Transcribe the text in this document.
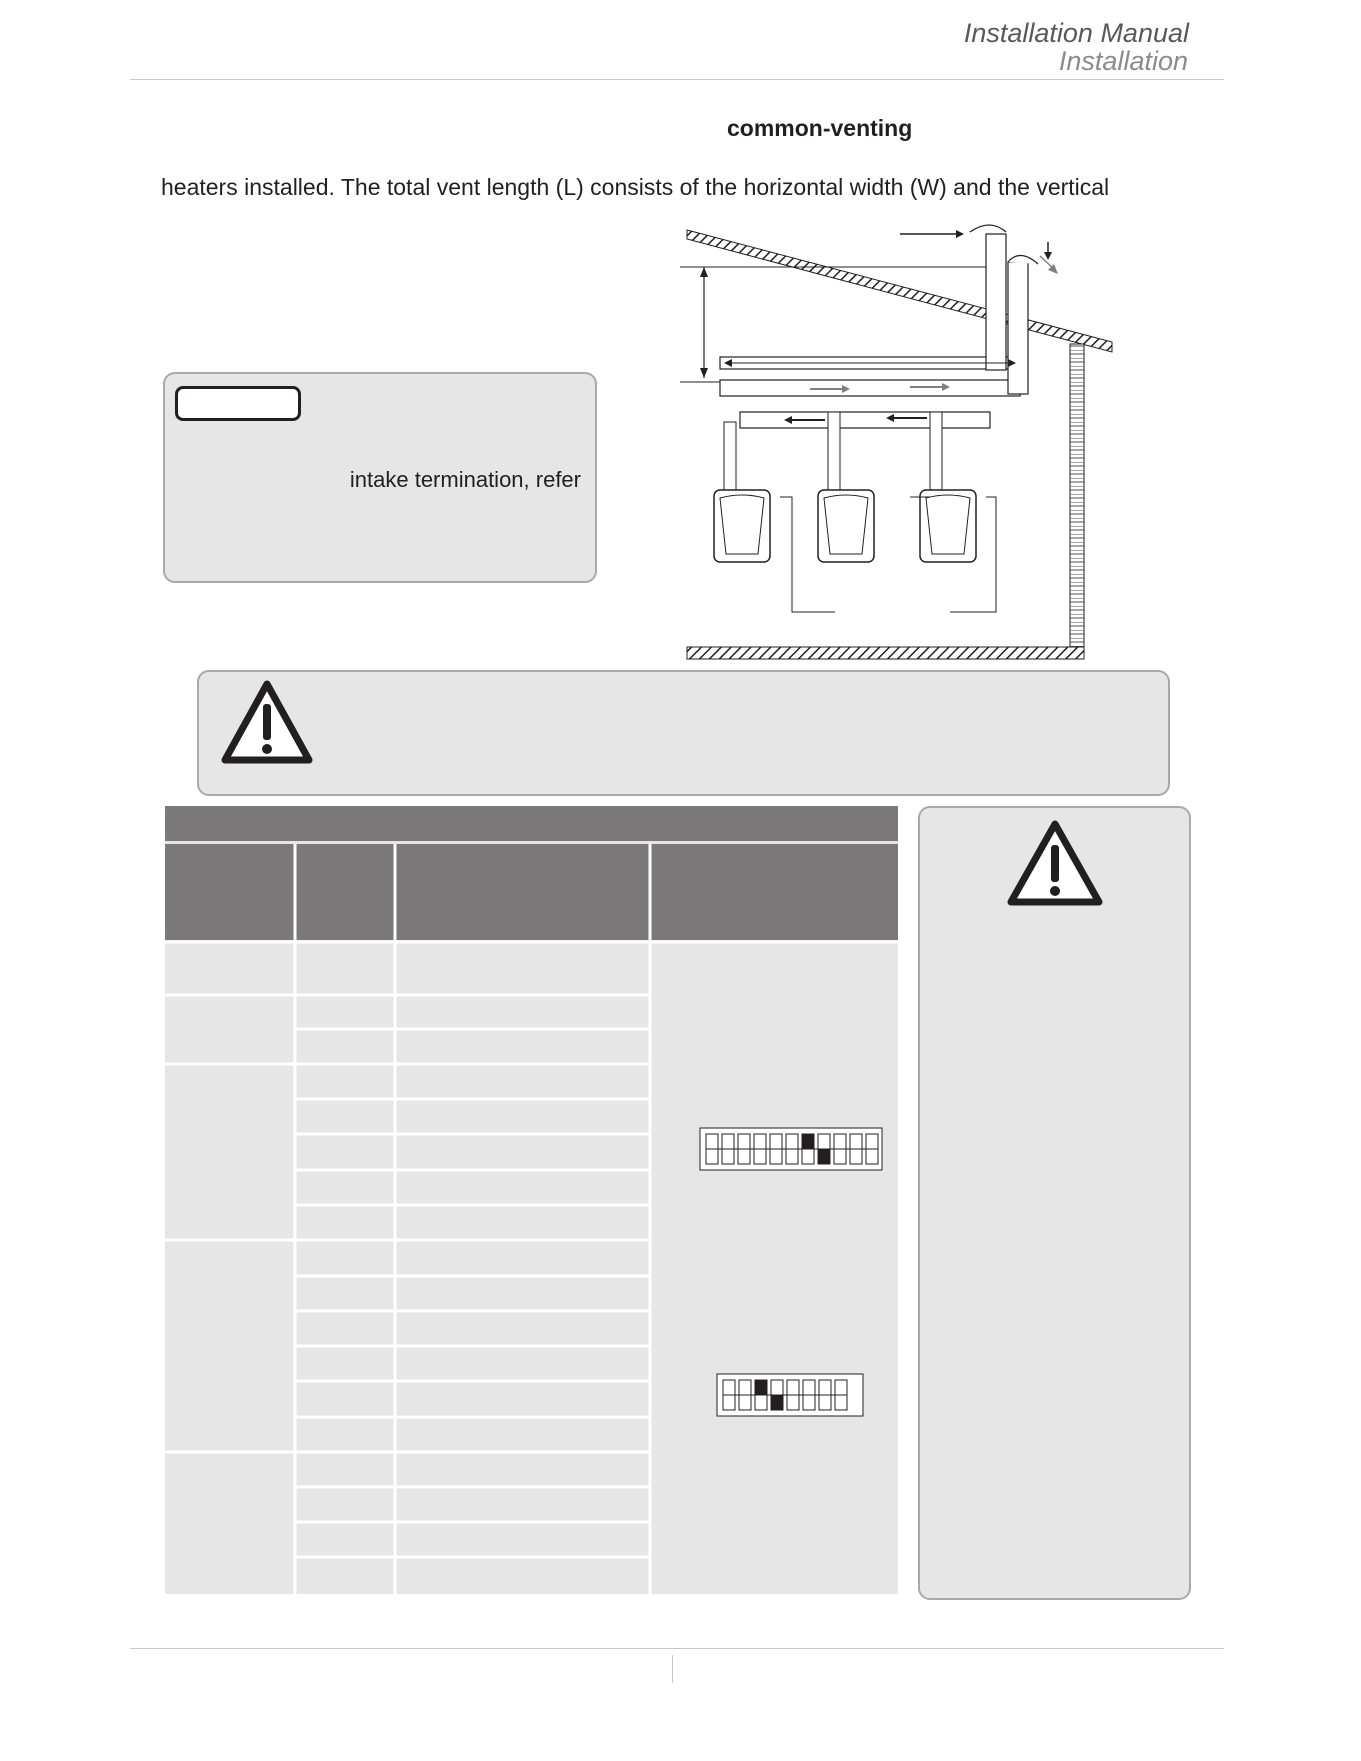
Installation Manual
Installation
common-venting
heaters installed. The total vent length (L) consists of the horizontal width (W) and the vertical
intake termination, refer
